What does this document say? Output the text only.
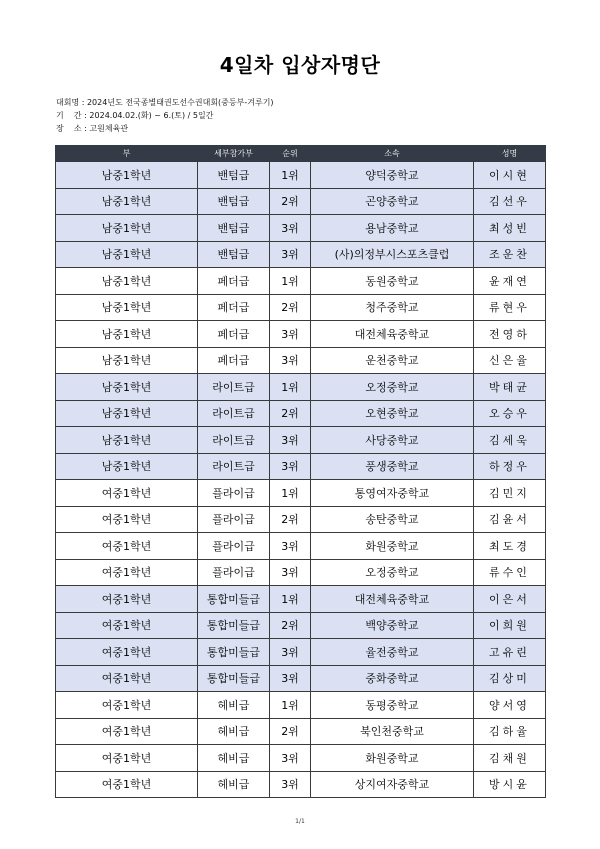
4일차 입상자명단
대회명 : 2024년도 전국종별태권도선수권대회(중등부-겨루기)
기    간 : 2024.04.02.(화) ~ 6.(토) / 5일간
장    소 : 고원체육관
부	세부참가부	순위	소속	성명
남중1학년	밴텀급	1위	양덕중학교	이시현
남중1학년	밴텀급	2위	곤양중학교	김선우
남중1학년	밴텀급	3위	용남중학교	최성빈
남중1학년	밴텀급	3위	(사)의정부시스포츠클럽	조운찬
남중1학년	페더급	1위	동원중학교	윤재연
남중1학년	페더급	2위	청주중학교	류현우
남중1학년	페더급	3위	대전체육중학교	전영하
남중1학년	페더급	3위	운천중학교	신은율
남중1학년	라이트급	1위	오정중학교	박태균
남중1학년	라이트급	2위	오현중학교	오승우
남중1학년	라이트급	3위	사당중학교	김세욱
남중1학년	라이트급	3위	풍생중학교	하정우
여중1학년	플라이급	1위	통영여자중학교	김민지
여중1학년	플라이급	2위	송탄중학교	김윤서
여중1학년	플라이급	3위	화원중학교	최도경
여중1학년	플라이급	3위	오정중학교	류수인
여중1학년	통합미들급	1위	대전체육중학교	이은서
여중1학년	통합미들급	2위	백양중학교	이희원
여중1학년	통합미들급	3위	율전중학교	고유린
여중1학년	통합미들급	3위	중화중학교	김상미
여중1학년	헤비급	1위	동평중학교	양서영
여중1학년	헤비급	2위	북인천중학교	김하율
여중1학년	헤비급	3위	화원중학교	김채원
여중1학년	헤비급	3위	상지여자중학교	방시윤
1/1
